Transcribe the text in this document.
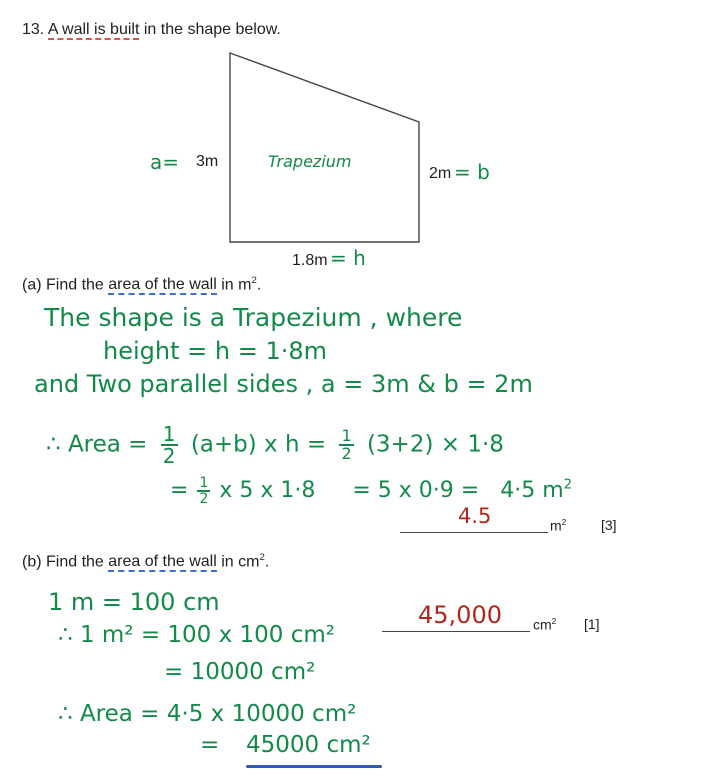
13. A wall is built in the shape below.
Trapezium
a= 3m
2m = b
1.8m = h
(a) Find the area of the wall in $m^2$.
The shape is a Trapezium , where
height = h = 1·8m
and Two parallel sides , a = 3m & b = 2m
∴ Area = $\frac{1}{2} (a+b)$ x $h = \frac{1}{2} (3+2) \times 1\cdot 8$
= $\frac{1}{2}$ x 5 x 1·8 = 5 x 0·9 = 4·5 $m^2$
4.5	$m^2$ [3]
(b) Find the area of the wall in $cm^2$.
1 m = 100 cm
∴ 1 m² = 100 x 100 cm²
= 10000 cm²
∴ Area = 4·5 x 10000 cm²
= 45000 cm²
45,000 $cm^2$ [1]
